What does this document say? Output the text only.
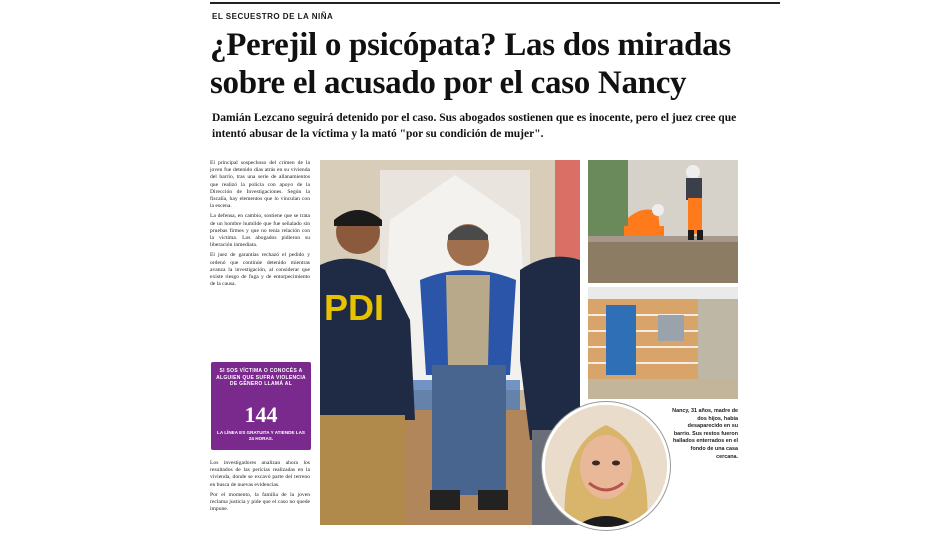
EL SECUESTRO DE LA NIÑA
¿Perejil o psicópata? Las dos miradas sobre el acusado por el caso Nancy

Damián Lezcano seguirá detenido por el caso. Sus abogados sostienen que es inocente, pero el juez cree que intentó abusar de la víctima y la mató "por su condición de mujer".

El principal sospechoso del crimen de la joven fue detenido días atrás en su vivienda del barrio, tras una serie de allanamientos que realizó la policía con apoyo de la Dirección de Investigaciones. Según la fiscalía, hay elementos que lo vinculan con la escena.

La defensa, en cambio, sostiene que se trata de un hombre humilde que fue señalado sin pruebas firmes y que no tenía relación con la víctima. Los abogados pidieron su liberación inmediata.

El juez de garantías rechazó el pedido y ordenó que continúe detenido mientras avanza la investigación, al considerar que existe riesgo de fuga y de entorpecimiento de la causa.

SI SOS VÍCTIMA O CONOCÉS A ALGUIEN QUE SUFRA VIOLENCIA DE GÉNERO LLAMÁ AL
144
LA LÍNEA ES GRATUITA Y ATIENDE LAS 24 HORAS.

Los investigadores analizan ahora los resultados de las pericias realizadas en la vivienda, donde se excavó parte del terreno en busca de nuevas evidencias.

Por el momento, la familia de la joven reclama justicia y pide que el caso no quede impune.

PDI
Nancy, 31 años, madre de dos hijos, había desaparecido en su barrio. Sus restos fueron hallados enterrados en el fondo de una casa cercana.
